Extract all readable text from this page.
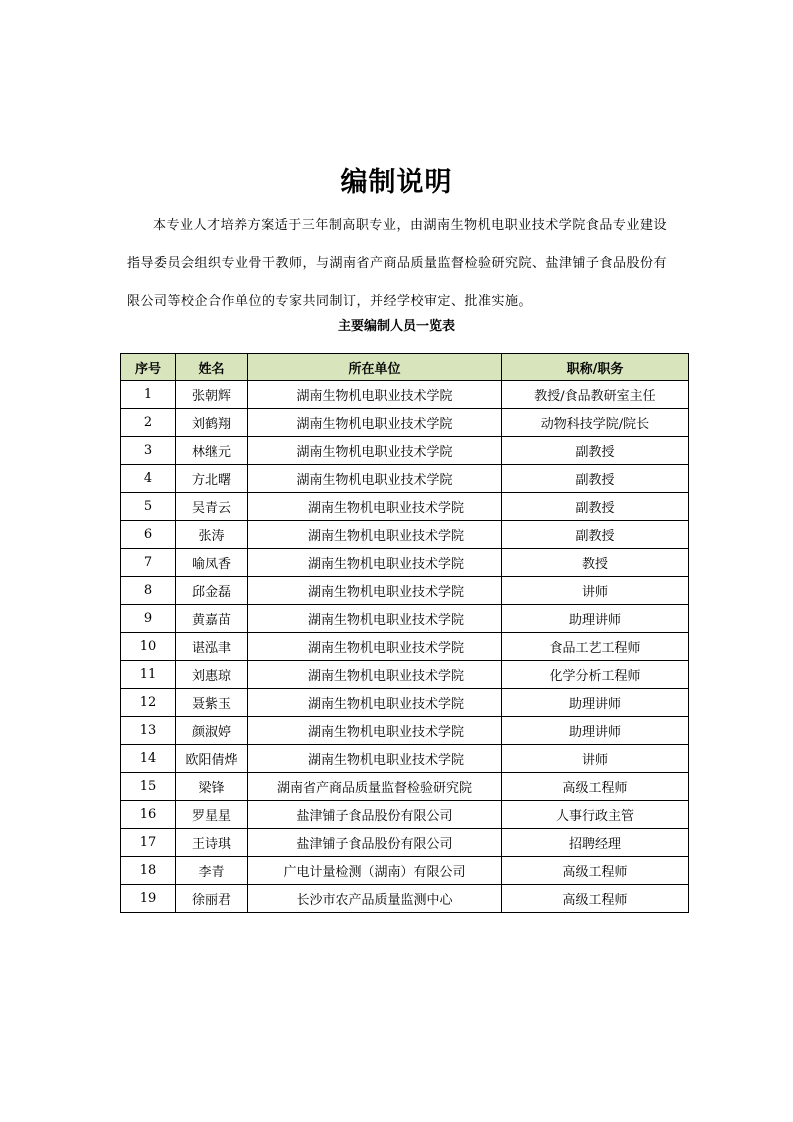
编制说明

本专业人才培养方案适于三年制高职专业，由湖南生物机电职业技术学院食品专业建设指导委员会组织专业骨干教师，与湖南省产商品质量监督检验研究院、盐津铺子食品股份有限公司等校企合作单位的专家共同制订，并经学校审定、批准实施。

主要编制人员一览表
序号	姓名	所在单位	职称/职务
1	张朝辉	湖南生物机电职业技术学院	教授/食品教研室主任
2	刘鹤翔	湖南生物机电职业技术学院	动物科技学院/院长
3	林继元	湖南生物机电职业技术学院	副教授
4	方北曙	湖南生物机电职业技术学院	副教授
5	吴青云	湖南生物机电职业技术学院	副教授
6	张涛	湖南生物机电职业技术学院	副教授
7	喻凤香	湖南生物机电职业技术学院	教授
8	邱金磊	湖南生物机电职业技术学院	讲师
9	黄嘉苗	湖南生物机电职业技术学院	助理讲师
10	谌泓聿	湖南生物机电职业技术学院	食品工艺工程师
11	刘惠琼	湖南生物机电职业技术学院	化学分析工程师
12	聂紫玉	湖南生物机电职业技术学院	助理讲师
13	颜淑婷	湖南生物机电职业技术学院	助理讲师
14	欧阳倩烨	湖南生物机电职业技术学院	讲师
15	梁锋	湖南省产商品质量监督检验研究院	高级工程师
16	罗星星	盐津铺子食品股份有限公司	人事行政主管
17	王诗琪	盐津铺子食品股份有限公司	招聘经理
18	李青	广电计量检测（湖南）有限公司	高级工程师
19	徐丽君	长沙市农产品质量监测中心	高级工程师
